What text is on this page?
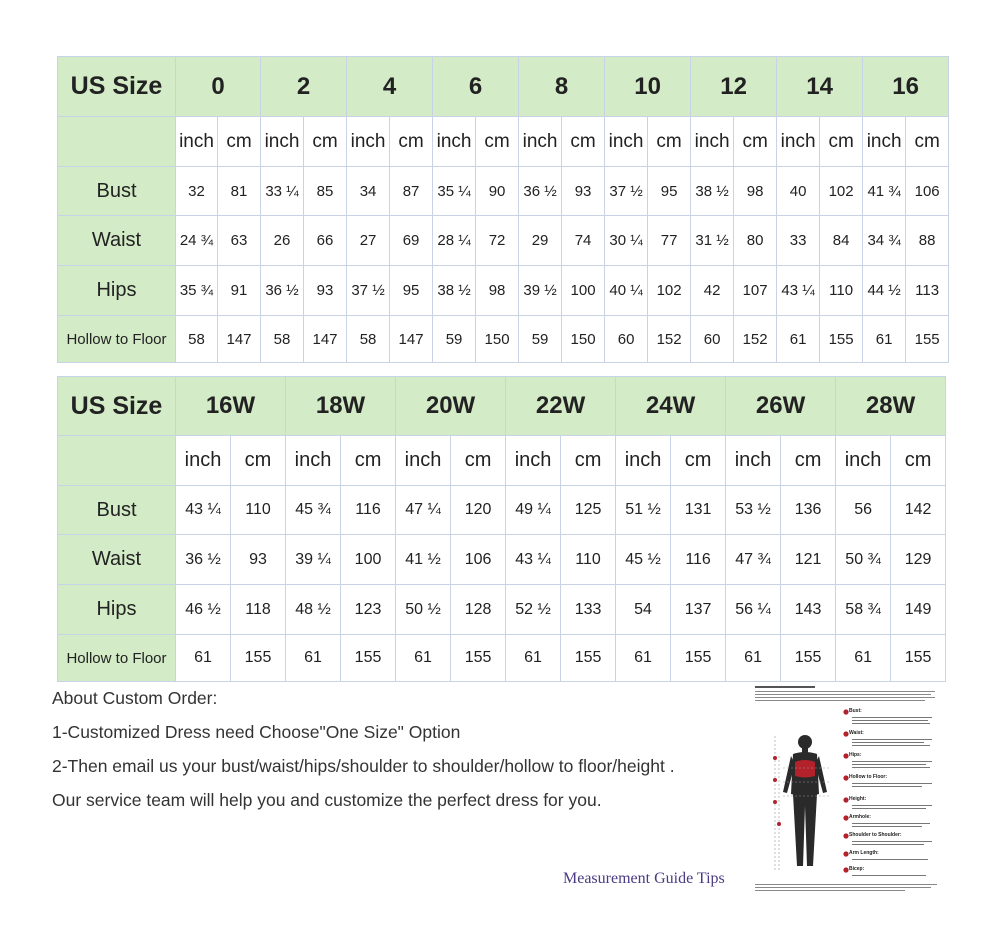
US Size	0		2		4		6		8		10		12		14		16	
	inch	cm	inch	cm	inch	cm	inch	cm	inch	cm	inch	cm	inch	cm	inch	cm	inch	cm
Bust	32	81	33 ¼	85	34	87	35 ¼	90	36 ½	93	37 ½	95	38 ½	98	40	102	41 ¾	106
Waist	24 ¾	63	26	66	27	69	28 ¼	72	29	74	30 ¼	77	31 ½	80	33	84	34 ¾	88
Hips	35 ¾	91	36 ½	93	37 ½	95	38 ½	98	39 ½	100	40 ¼	102	42	107	43 ¼	110	44 ½	113
Hollow to Floor	58	147	58	147	58	147	59	150	59	150	60	152	60	152	61	155	61	155
US Size	16W		18W		20W		22W		24W		26W		28W	
	inch	cm	inch	cm	inch	cm	inch	cm	inch	cm	inch	cm	inch	cm
Bust	43 ¼	110	45 ¾	116	47 ¼	120	49 ¼	125	51 ½	131	53 ½	136	56	142
Waist	36 ½	93	39 ¼	100	41 ½	106	43 ¼	110	45 ½	116	47 ¾	121	50 ¾	129
Hips	46 ½	118	48 ½	123	50 ½	128	52 ½	133	54	137	56 ¼	143	58 ¾	149
Hollow to Floor	61	155	61	155	61	155	61	155	61	155	61	155	61	155
About Custom Order:
1-Customized Dress need Choose"One Size" Option
2-Then email us your bust/waist/hips/shoulder to shoulder/hollow to floor/height .
Our service team will help you and customize the perfect dress for you.
Bust:
Waist:
Hips:
Hollow to Floor:
Height:
Armhole:
Shoulder to Shoulder:
Arm Length:
Bicep:
Measurement Guide Tips
